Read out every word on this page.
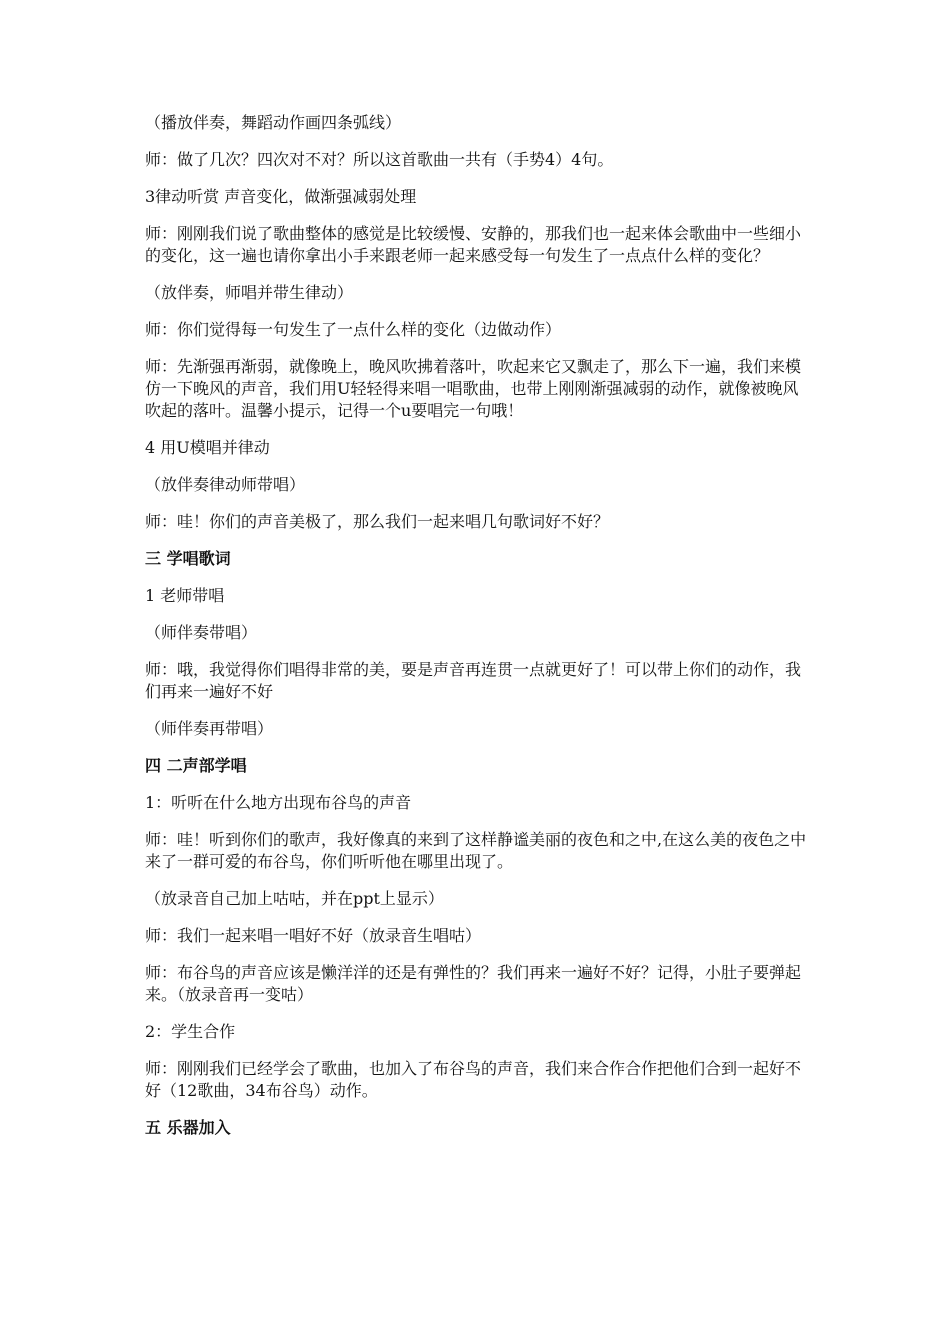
（播放伴奏，舞蹈动作画四条弧线）

师：做了几次？四次对不对？所以这首歌曲一共有（手势4）4句。

3律动听赏 声音变化，做渐强减弱处理

师：刚刚我们说了歌曲整体的感觉是比较缓慢、安静的，那我们也一起来体会歌曲中一些细小的变化，这一遍也请你拿出小手来跟老师一起来感受每一句发生了一点点什么样的变化？

（放伴奏，师唱并带生律动）

师：你们觉得每一句发生了一点什么样的变化（边做动作）

师：先渐强再渐弱，就像晚上，晚风吹拂着落叶，吹起来它又飘走了，那么下一遍，我们来模仿一下晚风的声音，我们用U轻轻得来唱一唱歌曲，也带上刚刚渐强减弱的动作，就像被晚风吹起的落叶。温馨小提示，记得一个u要唱完一句哦！

4 用U模唱并律动

（放伴奏律动师带唱）

师：哇！你们的声音美极了，那么我们一起来唱几句歌词好不好？

三 学唱歌词

1 老师带唱

（师伴奏带唱）

师：哦，我觉得你们唱得非常的美，要是声音再连贯一点就更好了！可以带上你们的动作，我们再来一遍好不好

（师伴奏再带唱）

四 二声部学唱

1：听听在什么地方出现布谷鸟的声音

师：哇！听到你们的歌声，我好像真的来到了这样静谧美丽的夜色和之中,在这么美的夜色之中来了一群可爱的布谷鸟，你们听听他在哪里出现了。

（放录音自己加上咕咕，并在ppt上显示）

师：我们一起来唱一唱好不好（放录音生唱咕）

师：布谷鸟的声音应该是懒洋洋的还是有弹性的？我们再来一遍好不好？记得，小肚子要弹起来。（放录音再一变咕）

2：学生合作

师：刚刚我们已经学会了歌曲，也加入了布谷鸟的声音，我们来合作合作把他们合到一起好不好（12歌曲，34布谷鸟）动作。

五 乐器加入
